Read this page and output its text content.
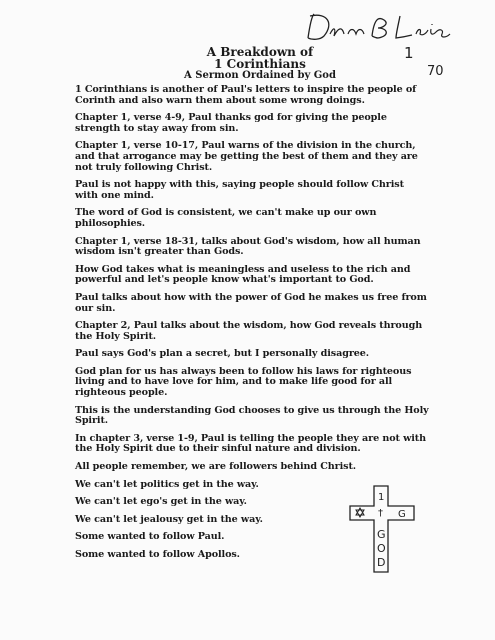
1
70
A Breakdown of
1 Corinthians
A Sermon Ordained by God

1 Corinthians is another of Paul's letters to inspire the people of Corinth and also warn them about some wrong doings.

Chapter 1, verse 4-9, Paul thanks god for giving the people strength to stay away from sin.

Chapter 1, verse 10-17, Paul warns of the division in the church, and that arrogance may be getting the best of them and they are not truly following Christ.

Paul is not happy with this, saying people should follow Christ with one mind.

The word of God is consistent, we can't make up our own philosophies.

Chapter 1, verse 18-31, talks about God's wisdom, how all human wisdom isn't greater than Gods.

How God takes what is meaningless and useless to the rich and powerful and let's people know what's important to God.

Paul talks about how with the power of God he makes us free from our sin.

Chapter 2, Paul talks about the wisdom, how God reveals through the Holy Spirit.

Paul says God's plan a secret, but I personally disagree.

God plan for us has always been to follow his laws for righteous living and to have love for him, and to make life good for all righteous people.

This is the understanding God chooses to give us through the Holy Spirit.

In chapter 3, verse 1-9, Paul is telling the people they are not with the Holy Spirit due to their sinful nature and division.

All people remember, we are followers behind Christ.

We can't let politics get in the way.

We can't let ego's get in the way.

We can't let jealousy get in the way.

Some wanted to follow Paul.

Some wanted to follow Apollos.

1
† G
G
O
D
